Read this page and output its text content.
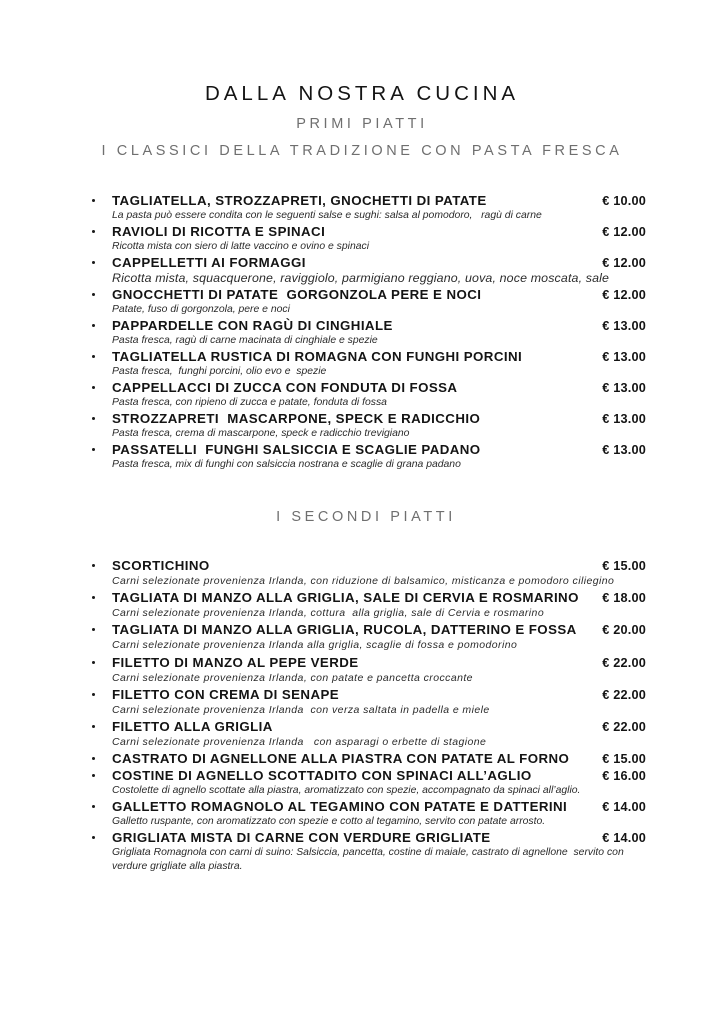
DALLA NOSTRA CUCINA
PRIMI PIATTI
I CLASSICI DELLA TRADIZIONE CON PASTA FRESCA
TAGLIATELLA, STROZZAPRETI, GNOCHETTI DI PATATE	€ 10.00
La pasta può essere condita con le seguenti salse e sughi: salsa al pomodoro,   ragù di carne
RAVIOLI DI RICOTTA E SPINACI	€ 12.00
Ricotta mista con siero di latte vaccino e ovino e spinaci
CAPPELLETTI AI FORMAGGI	€ 12.00
Ricotta mista, squacquerone, raviggiolo, parmigiano reggiano, uova, noce moscata, sale
GNOCCHETTI DI PATATE  GORGONZOLA PERE E NOCI	€ 12.00
Patate, fuso di gorgonzola, pere e noci
PAPPARDELLE CON RAGÙ DI CINGHIALE	€ 13.00
Pasta fresca, ragù di carne macinata di cinghiale e spezie
TAGLIATELLA RUSTICA DI ROMAGNA CON FUNGHI PORCINI	€ 13.00
Pasta fresca,  funghi porcini, olio evo e  spezie
CAPPELLACCI DI ZUCCA CON FONDUTA DI FOSSA	€ 13.00
Pasta fresca, con ripieno di zucca e patate, fonduta di fossa
STROZZAPRETI  MASCARPONE, SPECK E RADICCHIO	€ 13.00
Pasta fresca, crema di mascarpone, speck e radicchio trevigiano
PASSATELLI  FUNGHI SALSICCIA E SCAGLIE PADANO	€ 13.00
Pasta fresca, mix di funghi con salsiccia nostrana e scaglie di grana padano
I SECONDI PIATTI
SCORTICHINO	€ 15.00
Carni selezionate provenienza Irlanda, con riduzione di balsamico, misticanza e pomodoro ciliegino
TAGLIATA DI MANZO ALLA GRIGLIA, SALE DI CERVIA E ROSMARINO € 18.00
Carni selezionate provenienza Irlanda, cottura  alla griglia, sale di Cervia e rosmarino
TAGLIATA DI MANZO ALLA GRIGLIA, RUCOLA, DATTERINO E FOSSA € 20.00
Carni selezionate provenienza Irlanda alla griglia, scaglie di fossa e pomodorino
FILETTO DI MANZO AL PEPE VERDE	€ 22.00
Carni selezionate provenienza Irlanda, con patate e pancetta croccante
FILETTO CON CREMA DI SENAPE	€ 22.00
Carni selezionate provenienza Irlanda  con verza saltata in padella e miele
FILETTO ALLA GRIGLIA	€ 22.00
Carni selezionate provenienza Irlanda   con asparagi o erbette di stagione
CASTRATO DI AGNELLONE ALLA PIASTRA CON PATATE AL FORNO	€ 15.00
COSTINE DI AGNELLO SCOTTADITO CON SPINACI ALL’AGLIO	€ 16.00
Costolette di agnello scottate alla piastra, aromatizzato con spezie, accompagnato da spinaci all’aglio.
GALLETTO ROMAGNOLO AL TEGAMINO CON PATATE E DATTERINI	€ 14.00
Galletto ruspante, con aromatizzato con spezie e cotto al tegamino, servito con patate arrosto.
GRIGLIATA MISTA DI CARNE CON VERDURE GRIGLIATE	€ 14.00
Grigliata Romagnola con carni di suino: Salsiccia, pancetta, costine di maiale, castrato di agnellone  servito con verdure grigliate alla piastra.
